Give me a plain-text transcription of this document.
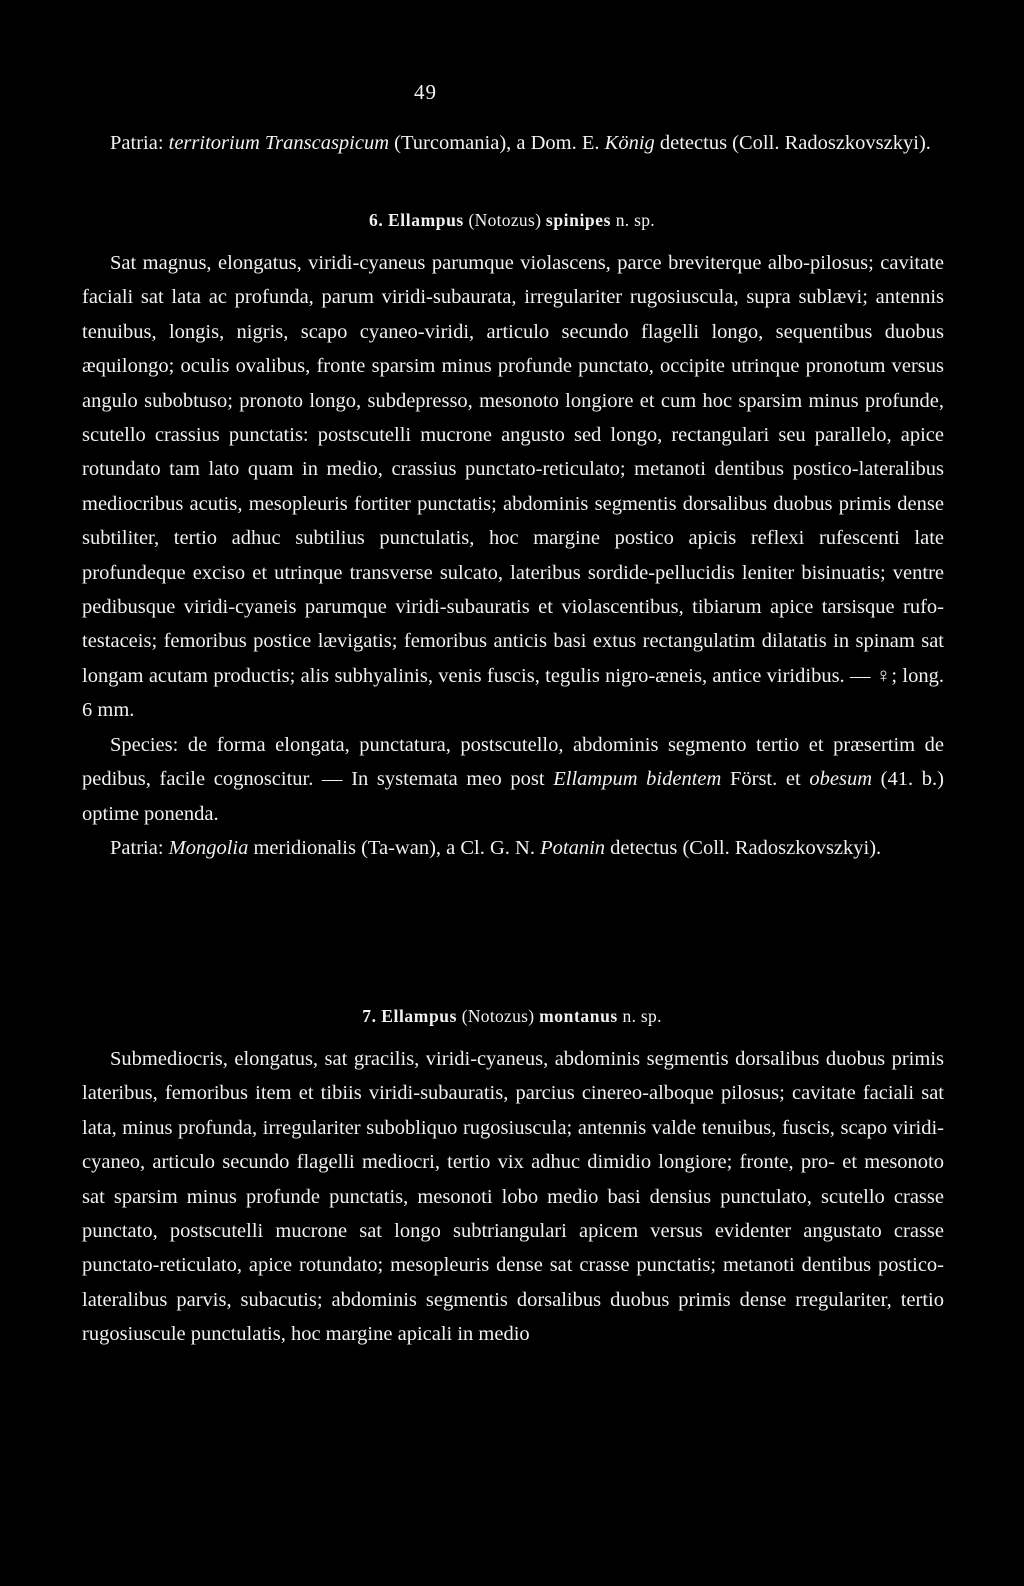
49

Patria: territorium Transcaspicum (Turcomania), a Dom. E. König detectus (Coll. Radoszkovszkyi).

6. Ellampus (Notozus) spinipes n. sp.

Sat magnus, elongatus, viridi-cyaneus parumque violascens, parce breviterque albo-pilosus; cavitate faciali sat lata ac profunda, parum viridi-subaurata, irregulariter rugosiuscula, supra sublævi; antennis tenuibus, longis, nigris, scapo cyaneo-viridi, articulo secundo flagelli longo, sequentibus duobus æquilongo; oculis ovalibus, fronte sparsim minus profunde punctato, occipite utrinque pronotum versus angulo subobtuso; pronoto longo, subdepresso, mesonoto longiore et cum hoc sparsim minus profunde, scutello crassius punctatis: postscutelli mucrone angusto sed longo, rectangulari seu parallelo, apice rotundato tam lato quam in medio, crassius punctato-reticulato; metanoti dentibus postico-lateralibus mediocribus acutis, mesopleuris fortiter punctatis; abdominis segmentis dorsalibus duobus primis dense subtiliter, tertio adhuc subtilius punctulatis, hoc margine postico apicis reflexi rufescenti late profundeque exciso et utrinque transverse sulcato, lateribus sordide-pellucidis leniter bisinuatis; ventre pedibusque viridi-cyaneis parumque viridi-subauratis et violascentibus, tibiarum apice tarsisque rufo-testaceis; femoribus postice lævigatis; femoribus anticis basi extus rectangulatim dilatatis in spinam sat longam acutam productis; alis subhyalinis, venis fuscis, tegulis nigro-æneis, antice viridibus. — ♀; long. 6 mm.

Species: de forma elongata, punctatura, postscutello, abdominis segmento tertio et præsertim de pedibus, facile cognoscitur. — In systemata meo post Ellampum bidentem Först. et obesum (41. b.) optime ponenda.

Patria: Mongolia meridionalis (Ta-wan), a Cl. G. N. Potanin detectus (Coll. Radoszkovszkyi).

7. Ellampus (Notozus) montanus n. sp.

Submediocris, elongatus, sat gracilis, viridi-cyaneus, abdominis segmentis dorsalibus duobus primis lateribus, femoribus item et tibiis viridi-subauratis, parcius cinereo-alboque pilosus; cavitate faciali sat lata, minus profunda, irregulariter subobliquo rugosiuscula; antennis valde tenuibus, fuscis, scapo viridi-cyaneo, articulo secundo flagelli mediocri, tertio vix adhuc dimidio longiore; fronte, pro- et mesonoto sat sparsim minus profunde punctatis, mesonoti lobo medio basi densius punctulato, scutello crasse punctato, postscutelli mucrone sat longo subtriangulari apicem versus evidenter angustato crasse punctato-reticulato, apice rotundato; mesopleuris dense sat crasse punctatis; metanoti dentibus postico-lateralibus parvis, subacutis; abdominis segmentis dorsalibus duobus primis dense rregulariter, tertio rugosiuscule punctulatis, hoc margine apicali in medio
